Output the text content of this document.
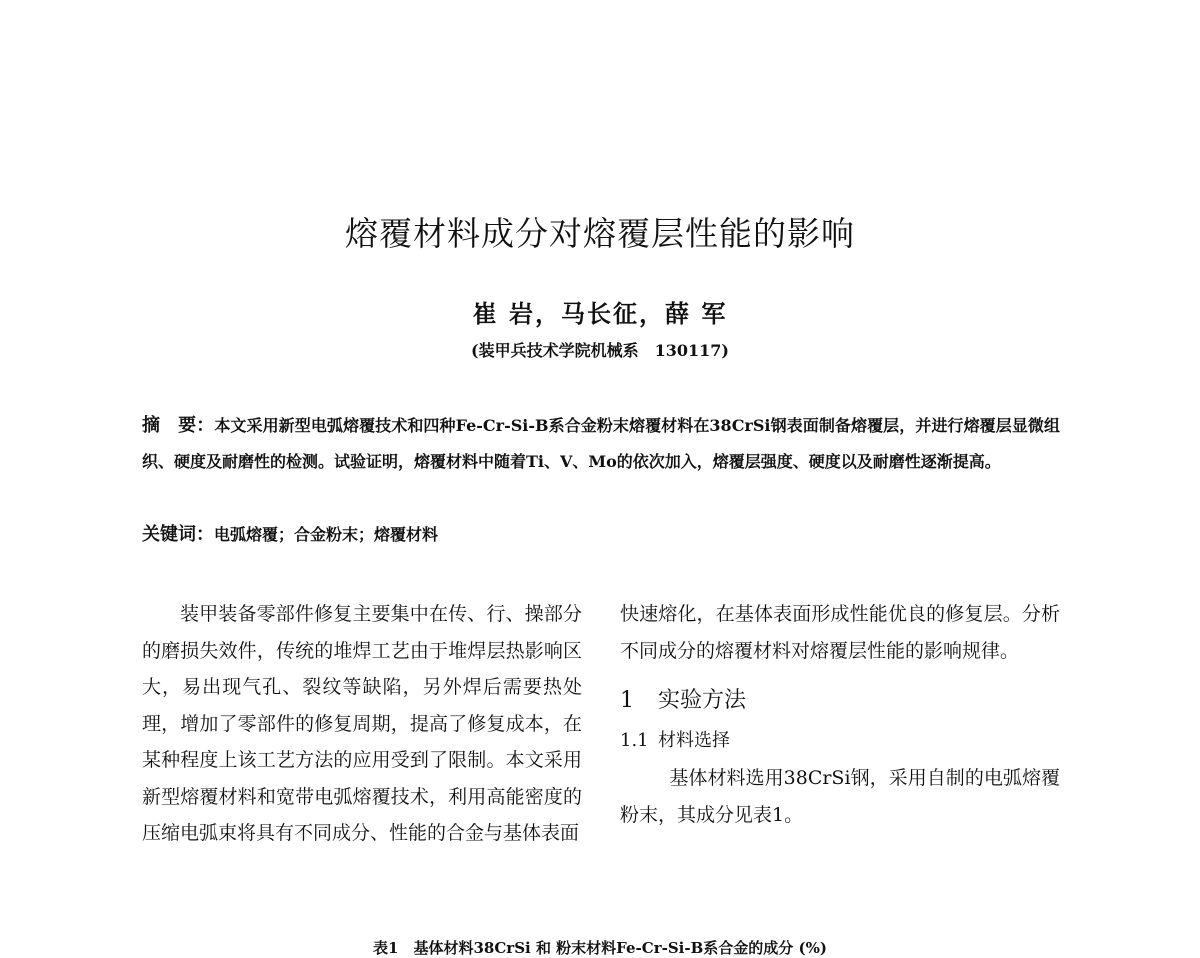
熔覆材料成分对熔覆层性能的影响
崔 岩，马长征，薛 军
(装甲兵技术学院机械系　130117)
摘　要：本文采用新型电弧熔覆技术和四种Fe-Cr-Si-B系合金粉末熔覆材料在38CrSi钢表面制备熔覆层，并进行熔覆层显微组织、硬度及耐磨性的检测。试验证明，熔覆材料中随着Ti、V、Mo的依次加入，熔覆层强度、硬度以及耐磨性逐渐提高。
关键词：电弧熔覆；合金粉末；熔覆材料

装甲装备零部件修复主要集中在传、行、操部分的磨损失效件，传统的堆焊工艺由于堆焊层热影响区大，易出现气孔、裂纹等缺陷，另外焊后需要热处理，增加了零部件的修复周期，提高了修复成本，在某种程度上该工艺方法的应用受到了限制。本文采用新型熔覆材料和宽带电弧熔覆技术，利用高能密度的压缩电弧束将具有不同成分、性能的合金与基体表面

快速熔化，在基体表面形成性能优良的修复层。分析不同成分的熔覆材料对熔覆层性能的影响规律。

1 实验方法
1.1 材料选择

基体材料选用38CrSi钢，采用自制的电弧熔覆粉末，其成分见表1。

表1　基体材料38CrSi 和 粉末材料Fe-Cr-Si-B系合金的成分 (%)
